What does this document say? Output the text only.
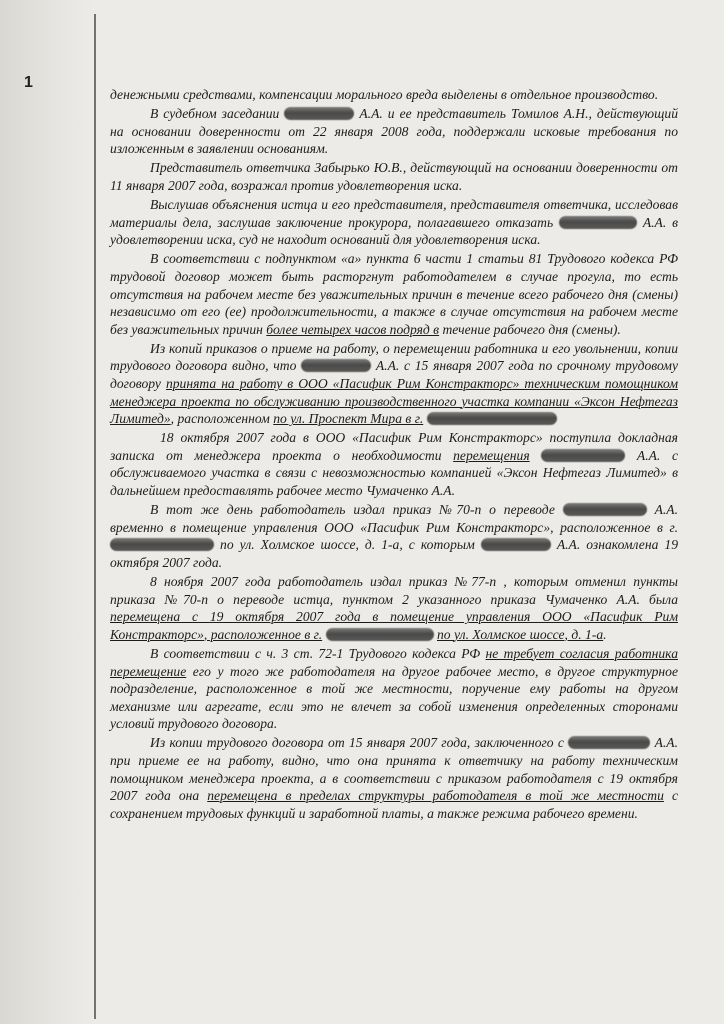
1

денежными средствами, компенсации морального вреда выделены в отдельное производство.

В судебном заседании	А.А. и ее представитель Томилов А.Н., действующий на основании доверенности от 22 января 2008 года, поддержали исковые требования по изложенным в заявлении основаниям.

Представитель ответчика Забырько Ю.В., действующий на основании доверенности от 11 января 2007 года, возражал против удовлетворения иска.

Выслушав объяснения истца и его представителя, представителя ответчика, исследовав материалы дела, заслушав заключение прокурора, полагавшего отказать	А.А. в удовлетворении иска, суд не находит оснований для удовлетворения иска.

В соответствии с подпунктом «а» пункта 6 части 1 статьи 81 Трудового кодекса РФ трудовой договор может быть расторгнут работодателем в случае прогула, то есть отсутствия на рабочем месте без уважительных причин в течение всего рабочего дня (смены) независимо от его (ее) продолжительности, а также в случае отсутствия на рабочем месте без уважительных причин более четырех часов подряд в течение рабочего дня (смены).

Из копий приказов о приеме на работу, о перемещении работника и его увольнении, копии трудового договора видно, что	А.А. с 15 января 2007 года по срочному трудовому договору принята на работу в ООО «Пасифик Рим Констракторс» техническим помощником менеджера проекта по обслуживанию производственного участка компании «Эксон Нефтегаз Лимитед», расположенном по ул. Проспект Мира в г.

18 октября 2007 года в ООО «Пасифик Рим Констракторс» поступила докладная записка от менеджера проекта о необходимости перемещения	А.А. с обслуживаемого участка в связи с невозможностью компанией «Эксон Нефтегаз Лимитед» в дальнейшем предоставлять рабочее место Чумаченко А.А.

В тот же день работодатель издал приказ №70-п о переводе	А.А. временно в помещение управления ООО «Пасифик Рим Констракторс», расположенное в г.  по ул. Холмское шоссе, д. 1-а, с которым	А.А. ознакомлена 19 октября 2007 года.

8 ноября 2007 года работодатель издал приказ №77-п , которым отменил пункты приказа №70-п о переводе истца, пунктом 2 указанного приказа Чумаченко А.А. была перемещена с 19 октября 2007 года в помещение управления ООО «Пасифик Рим Констракторс», расположенное в г.	по ул. Холмское шоссе, д. 1-а.

В соответствии с ч. 3 ст. 72-1 Трудового кодекса РФ не требует согласия работника перемещение его у того же работодателя на другое рабочее место, в другое структурное подразделение, расположенное в той же местности, поручение ему работы на другом механизме или агрегате, если это не влечет за собой изменения определенных сторонами условий трудового договора.

Из копии трудового договора от 15 января 2007 года, заключенного с	А.А. при приеме ее на работу, видно, что она принята к ответчику на работу техническим помощником менеджера проекта, а в соответствии с приказом работодателя с 19 октября 2007 года она перемещена в пределах структуры работодателя в той же местности с сохранением трудовых функций и заработной платы, а также режима рабочего времени.
